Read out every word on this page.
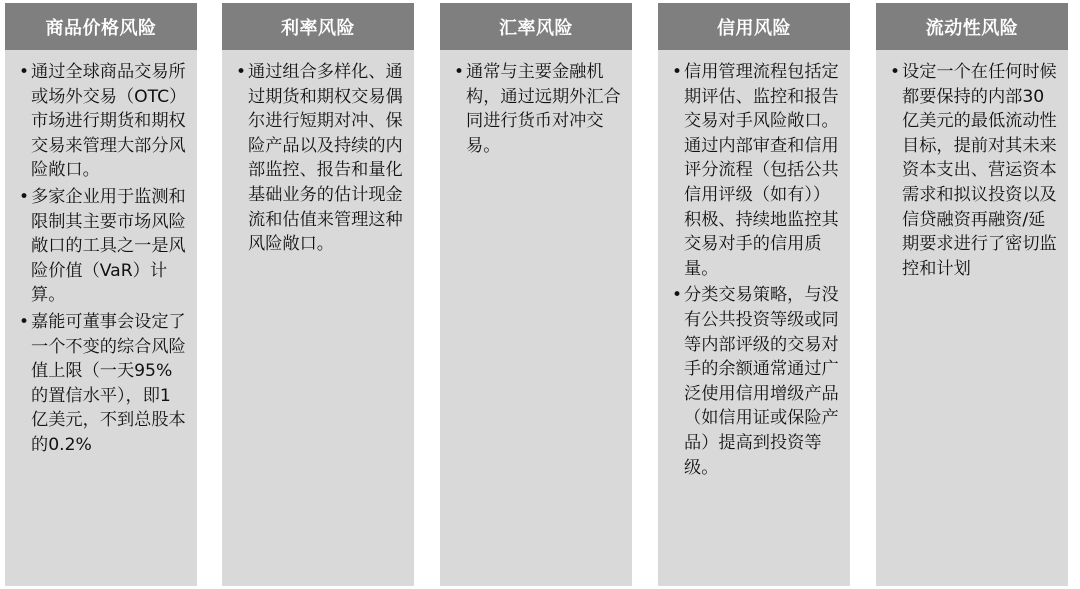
商品价格风险
• 通过全球商品交易所或场外交易（OTC）市场进行期货和期权交易来管理大部分风险敞口。
• 多家企业用于监测和限制其主要市场风险敞口的工具之一是风险价值（VaR）计算。
• 嘉能可董事会设定了一个不变的综合风险值上限（一天95%的置信水平），即1亿美元，不到总股本的0.2%
利率风险
• 通过组合多样化、通过期货和期权交易偶尔进行短期对冲、保险产品以及持续的内部监控、报告和量化基础业务的估计现金流和估值来管理这种风险敞口。
汇率风险
• 通常与主要金融机构，通过远期外汇合同进行货币对冲交易。
信用风险
• 信用管理流程包括定期评估、监控和报告交易对手风险敞口。通过内部审查和信用评分流程（包括公共信用评级（如有））积极、持续地监控其交易对手的信用质量。
• 分类交易策略，与没有公共投资等级或同等内部评级的交易对手的余额通常通过广泛使用信用增级产品（如信用证或保险产品）提高到投资等级。
流动性风险
• 设定一个在任何时候都要保持的内部30亿美元的最低流动性目标，提前对其未来资本支出、营运资本需求和拟议投资以及信贷融资再融资/延期要求进行了密切监控和计划
